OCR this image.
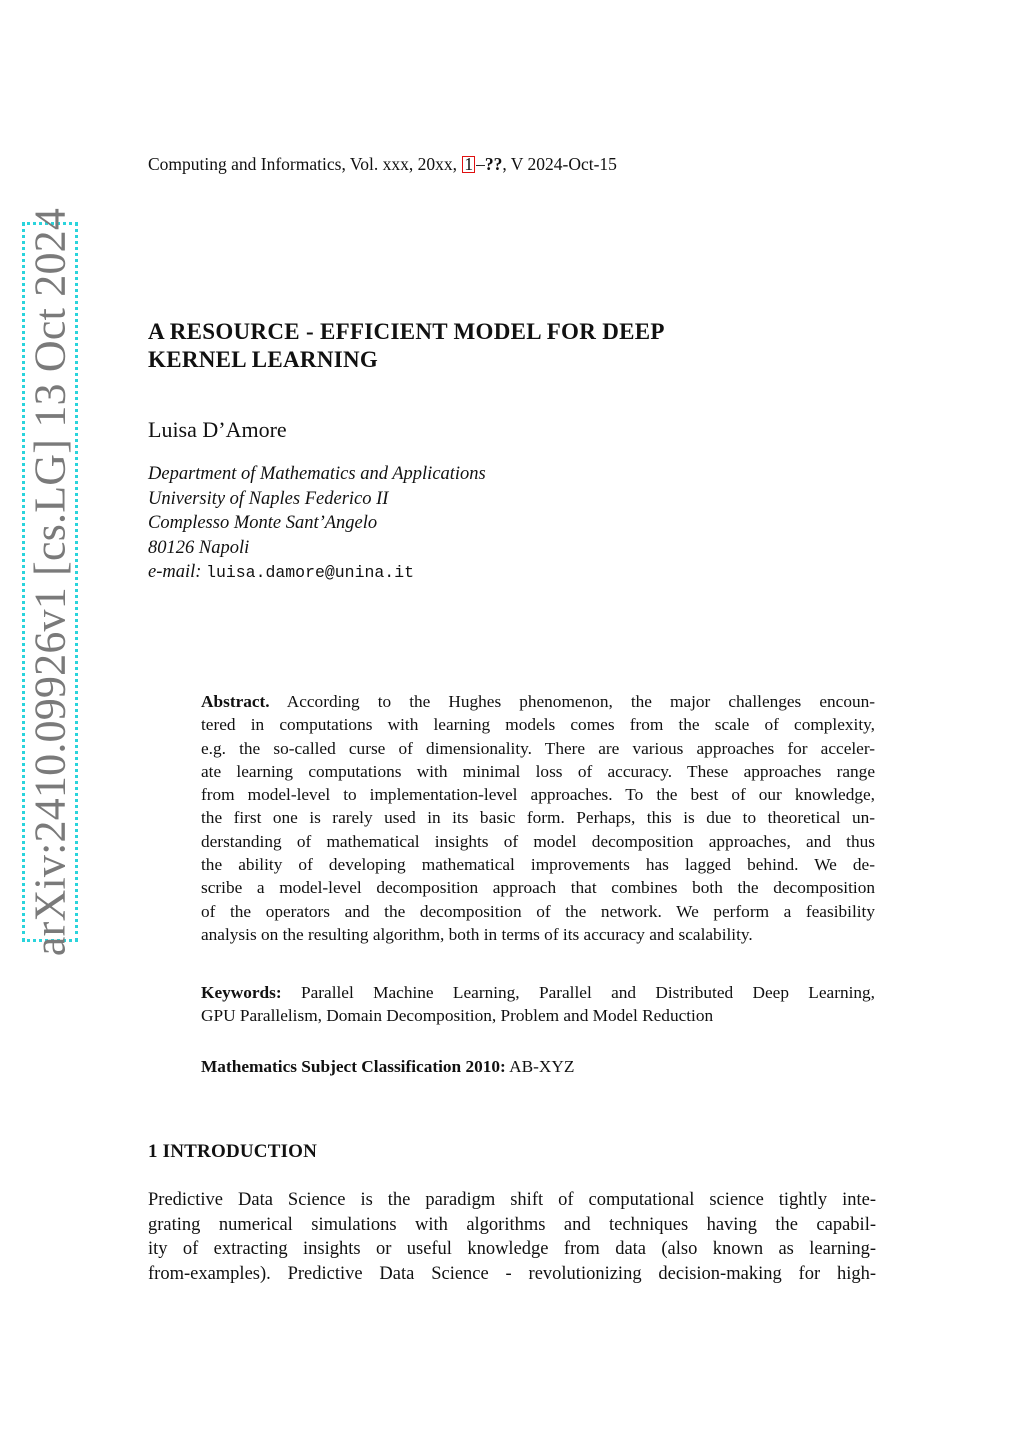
Computing and Informatics, Vol. xxx, 20xx, 1 –??, V 2024-Oct-15
arXiv:2410.09926v1 [cs.LG] 13 Oct 2024	A RESOURCE - EFFICIENT MODEL FOR DEEP
KERNEL LEARNING
Luisa D’Amore
Department of Mathematics and Applications
University of Naples Federico II
Complesso Monte Sant’Angelo
80126 Napoli
e-mail: luisa.damore@unina.it
Abstract. According to the Hughes phenomenon, the major challenges encoun-
tered in computations with learning models comes from the scale of complexity,
e.g. the so-called curse of dimensionality. There are various approaches for acceler-
ate learning computations with minimal loss of accuracy. These approaches range
from model-level to implementation-level approaches. To the best of our knowledge,
the first one is rarely used in its basic form. Perhaps, this is due to theoretical un-
derstanding of mathematical insights of model decomposition approaches, and thus
the ability of developing mathematical improvements has lagged behind. We de-
scribe a model-level decomposition approach that combines both the decomposition
of the operators and the decomposition of the network. We perform a feasibility
analysis on the resulting algorithm, both in terms of its accuracy and scalability.
Keywords: Parallel Machine Learning, Parallel and Distributed Deep Learning,
GPU Parallelism, Domain Decomposition, Problem and Model Reduction
Mathematics Subject Classification 2010: AB-XYZ
1 INTRODUCTION
Predictive Data Science is the paradigm shift of computational science tightly inte-
grating numerical simulations with algorithms and techniques having the capabil-
ity of extracting insights or useful knowledge from data (also known as learning-
from-examples). Predictive Data Science - revolutionizing decision-making for high-
